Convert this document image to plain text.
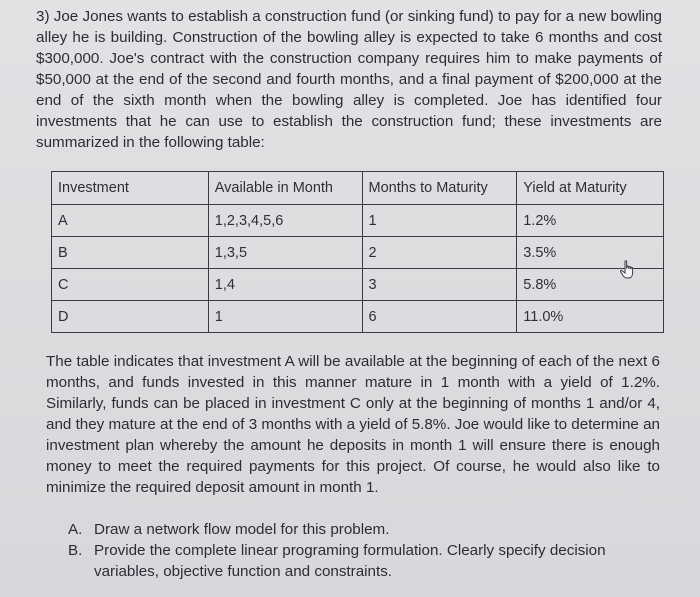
3) Joe Jones wants to establish a construction fund (or sinking fund) to pay for a new bowling alley he is building. Construction of the bowling alley is expected to take 6 months and cost $300,000. Joe's contract with the construction company requires him to make payments of $50,000 at the end of the second and fourth months, and a final payment of $200,000 at the end of the sixth month when the bowling alley is completed. Joe has identified four investments that he can use to establish the construction fund; these investments are summarized in the following table:
Investment	Available in Month	Months to Maturity	Yield at Maturity
A	1,2,3,4,5,6	1	1.2%
B	1,3,5	2	3.5%
C	1,4	3	5.8%
D	1	6	11.0%
The table indicates that investment A will be available at the beginning of each of the next 6 months, and funds invested in this manner mature in 1 month with a yield of 1.2%. Similarly, funds can be placed in investment C only at the beginning of months 1 and/or 4, and they mature at the end of 3 months with a yield of 5.8%. Joe would like to determine an investment plan whereby the amount he deposits in month 1 will ensure there is enough money to meet the required payments for this project. Of course, he would also like to minimize the required deposit amount in month 1.
A. Draw a network flow model for this problem.
B. Provide the complete linear programing formulation. Clearly specify decision variables, objective function and constraints.
